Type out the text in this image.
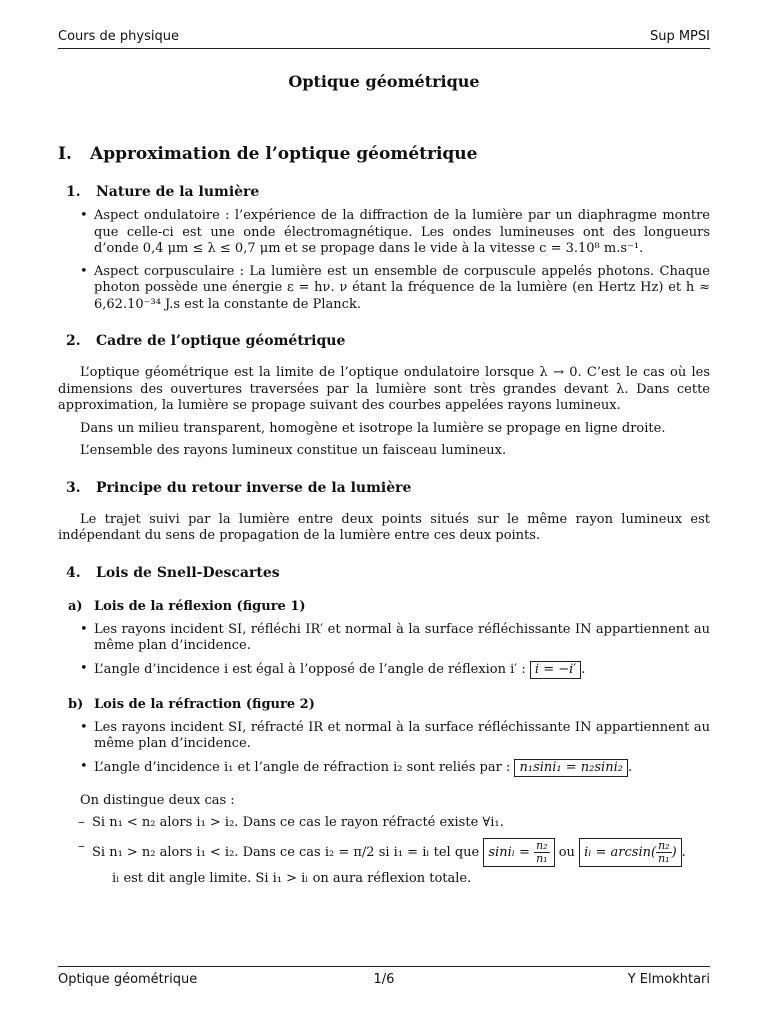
Cours de physique	Sup MPSI
Optique géométrique
I. Approximation de l’optique géométrique
1. Nature de la lumière
• Aspect ondulatoire : l’expérience de la diffraction de la lumière par un diaphragme montre que celle-ci est une onde électromagnétique. Les ondes lumineuses ont des longueurs d’onde 0,4 μm ≤ λ ≤ 0,7 μm et se propage dans le vide à la vitesse c = 3.10⁸ m.s⁻¹.
• Aspect corpusculaire : La lumière est un ensemble de corpuscule appelés photons. Chaque photon possède une énergie ε = hν. ν étant la fréquence de la lumière (en Hertz Hz) et h ≈ 6,62.10⁻³⁴ J.s est la constante de Planck.
2. Cadre de l’optique géométrique

L’optique géométrique est la limite de l’optique ondulatoire lorsque λ → 0. C’est le cas où les dimensions des ouvertures traversées par la lumière sont très grandes devant λ. Dans cette approximation, la lumière se propage suivant des courbes appelées rayons lumineux.

Dans un milieu transparent, homogène et isotrope la lumière se propage en ligne droite.

L’ensemble des rayons lumineux constitue un faisceau lumineux.

3. Principe du retour inverse de la lumière

Le trajet suivi par la lumière entre deux points situés sur le même rayon lumineux est indépendant du sens de propagation de la lumière entre ces deux points.

4. Lois de Snell-Descartes
a) Lois de la réflexion (figure 1)
• Les rayons incident SI, réfléchi IR′ et normal à la surface réfléchissante IN appartiennent au même plan d’incidence.
• L’angle d’incidence i est égal à l’opposé de l’angle de réflexion i′ : i = −i′ .
b) Lois de la réfraction (figure 2)
• Les rayons incident SI, réfracté IR et normal à la surface réfléchissante IN appartiennent au même plan d’incidence.
• L’angle d’incidence i₁ et l’angle de réfraction i₂ sont reliés par : n₁sini₁ = n₂sini₂ .
On distingue deux cas :
– Si n₁ < n₂ alors i₁ > i₂. Dans ce cas le rayon réfracté existe ∀i₁.
– Si n₁ > n₂ alors i₁ < i₂. Dans ce cas i₂ = π/2 si i₁ = iₗ tel que $\sin i_l = \frac{\text{n₂}}{\text{n₁}}$ ou $i_l = \arcsin( \frac{\text{n₂}}{\text{n₁}}$ ) .
iₗ est dit angle limite. Si i₁ > iₗ on aura réflexion totale.
Optique géométrique	1/6	Y Elmokhtari
